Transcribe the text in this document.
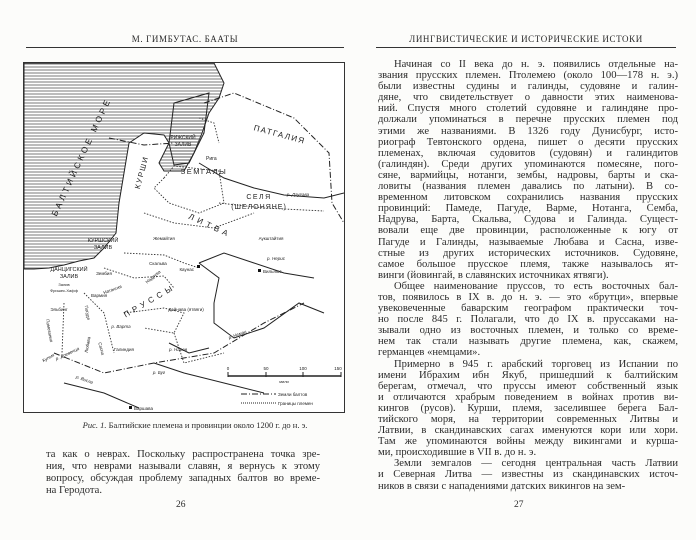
М. ГИМБУТАС. БААТЫ	ЛИНГВИСТИЧЕСКИЕ И ИСТОРИЧЕСКИЕ ИСТОКИ
БАЛТИЙСКОЕ МОРЕ	РИЖСКИЙ
ЗАЛИВ	ПАТГАЛИЯ
Рига
КУРШИ	ЗЕМГАЛЫ
СЕЛЯ
(ШЕЛОНЯНЕ)
р. Даугава
ЛИТВА
КУРШСКИЙ
ЗАЛИВ
Жемайтия	Аукштайтия
ДАНЦИГСКИЙ
ЗАЛИВ
Залив
Фришес-Хафф
Скальва
Зембия	Надрува	Каунас
р. Нерис
Вильнюс
Натангия
Вармия ПРУССЫ
Дайнава (ятвяги)
Эльбинг	Погуде
Помезания	р. Варта
Галиндия
Сасна
Любава	р. Нарев
р. Неман
Кульм р. Древенца
р. Буг
р. Висла
Варшава
0	50	100	150
мили
Земли балтов
Границы племен
Рис. 1. Балтийские племена и провинции около 1200 г. до н. э.
та как о неврах. Поскольку распространена точка зре-
ния, что неврами называли славян, я вернусь к этому
вопросу, обсуждая проблему западных балтов во време-
на Геродота.
26
Начиная со II века до н. э. появились отдельные на-
звания прусских племен. Птолемею (около 100—178 н. э.)
были известны судины и галинды, судовяне и галин-
дяне, что свидетельствует о давности этих наименова-
ний. Спустя много столетий судовяне и галиндяне про-
должали упоминаться в перечне прусских племен под
этими же названиями. В 1326 году Дунисбург, исто-
риограф Тевтонского ордена, пишет о десяти прусских
племенах, включая судовитов (судовян) и галиндитов
(галиндян). Среди других упоминаются помесяне, пого-
сяне, вармийцы, нотанги, зембы, надровы, барты и ска-
ловиты (названия племен давались по латыни). В со-
временном литовском сохранились названия прусских
провинций: Памеде, Пагуде, Варме, Нотанга, Семба,
Надрува, Барта, Скальва, Судова и Галинда. Сущест-
вовали еще две провинции, расположенные к югу от
Пагуде и Галинды, называемые Любава и Сасна, изве-
стные из других исторических источников. Судовяне,
самое большое прусское племя, также называлось ят-
винги (йовингай, в славянских источниках ятвяги).
Общее наименование пруссов, то есть восточных бал-
тов, появилось в IX в. до н. э. — это «брутци», впервые
увековеченные баварским географом практически точ-
но после 845 г. Полагали, что до IX в. пруссаками на-
зывали одно из восточных племен, и только со време-
нем так стали называть другие племена, как, скажем,
германцев «немцами».
Примерно в 945 г. арабский торговец из Испании по
имени Ибрахим ибн Якуб, пришедший к балтийским
берегам, отмечал, что пруссы имеют собственный язык
и отличаются храбрым поведением в войнах против ви-
кингов (русов). Курши, племя, заселившее берега Бал-
тийского моря, на территории современных Литвы и
Латвии, в скандинавских сагах именуются кори или хори.
Там же упоминаются войны между викингами и курша-
ми, происходившие в VII в. до н. э.
Земли земгалов — сегодня центральная часть Латвии
и Северная Литва — известны из скандинавских источ-
ников в связи с нападениями датских викингов на зем-
27
